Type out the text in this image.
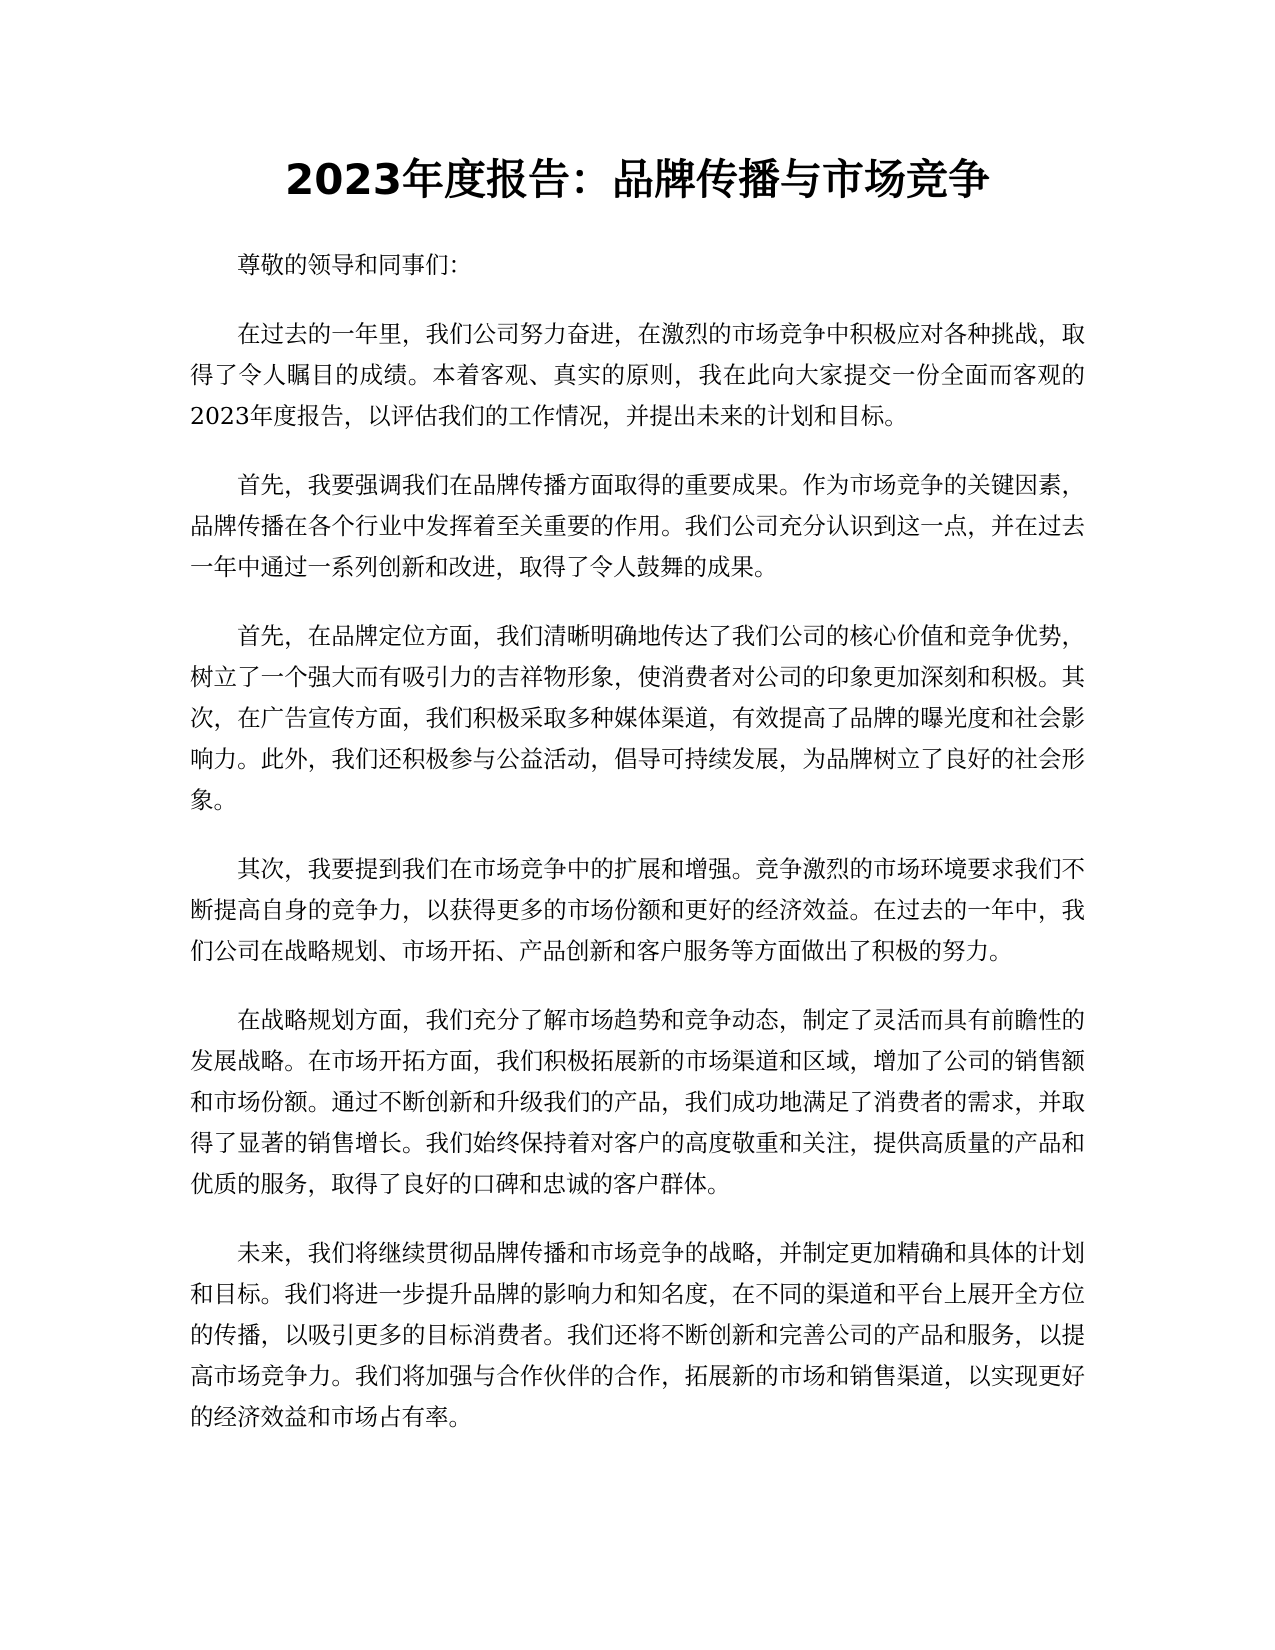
2023年度报告：品牌传播与市场竞争

尊敬的领导和同事们：

在过去的一年里，我们公司努力奋进，在激烈的市场竞争中积极应对各种挑战，取得了令人瞩目的成绩。本着客观、真实的原则，我在此向大家提交一份全面而客观的2023年度报告，以评估我们的工作情况，并提出未来的计划和目标。

首先，我要强调我们在品牌传播方面取得的重要成果。作为市场竞争的关键因素，品牌传播在各个行业中发挥着至关重要的作用。我们公司充分认识到这一点，并在过去一年中通过一系列创新和改进，取得了令人鼓舞的成果。

首先，在品牌定位方面，我们清晰明确地传达了我们公司的核心价值和竞争优势，树立了一个强大而有吸引力的吉祥物形象，使消费者对公司的印象更加深刻和积极。其次，在广告宣传方面，我们积极采取多种媒体渠道，有效提高了品牌的曝光度和社会影响力。此外，我们还积极参与公益活动，倡导可持续发展，为品牌树立了良好的社会形象。

其次，我要提到我们在市场竞争中的扩展和增强。竞争激烈的市场环境要求我们不断提高自身的竞争力，以获得更多的市场份额和更好的经济效益。在过去的一年中，我们公司在战略规划、市场开拓、产品创新和客户服务等方面做出了积极的努力。

在战略规划方面，我们充分了解市场趋势和竞争动态，制定了灵活而具有前瞻性的发展战略。在市场开拓方面，我们积极拓展新的市场渠道和区域，增加了公司的销售额和市场份额。通过不断创新和升级我们的产品，我们成功地满足了消费者的需求，并取得了显著的销售增长。我们始终保持着对客户的高度敬重和关注，提供高质量的产品和优质的服务，取得了良好的口碑和忠诚的客户群体。

未来，我们将继续贯彻品牌传播和市场竞争的战略，并制定更加精确和具体的计划和目标。我们将进一步提升品牌的影响力和知名度，在不同的渠道和平台上展开全方位的传播，以吸引更多的目标消费者。我们还将不断创新和完善公司的产品和服务，以提高市场竞争力。我们将加强与合作伙伴的合作，拓展新的市场和销售渠道，以实现更好的经济效益和市场占有率。
